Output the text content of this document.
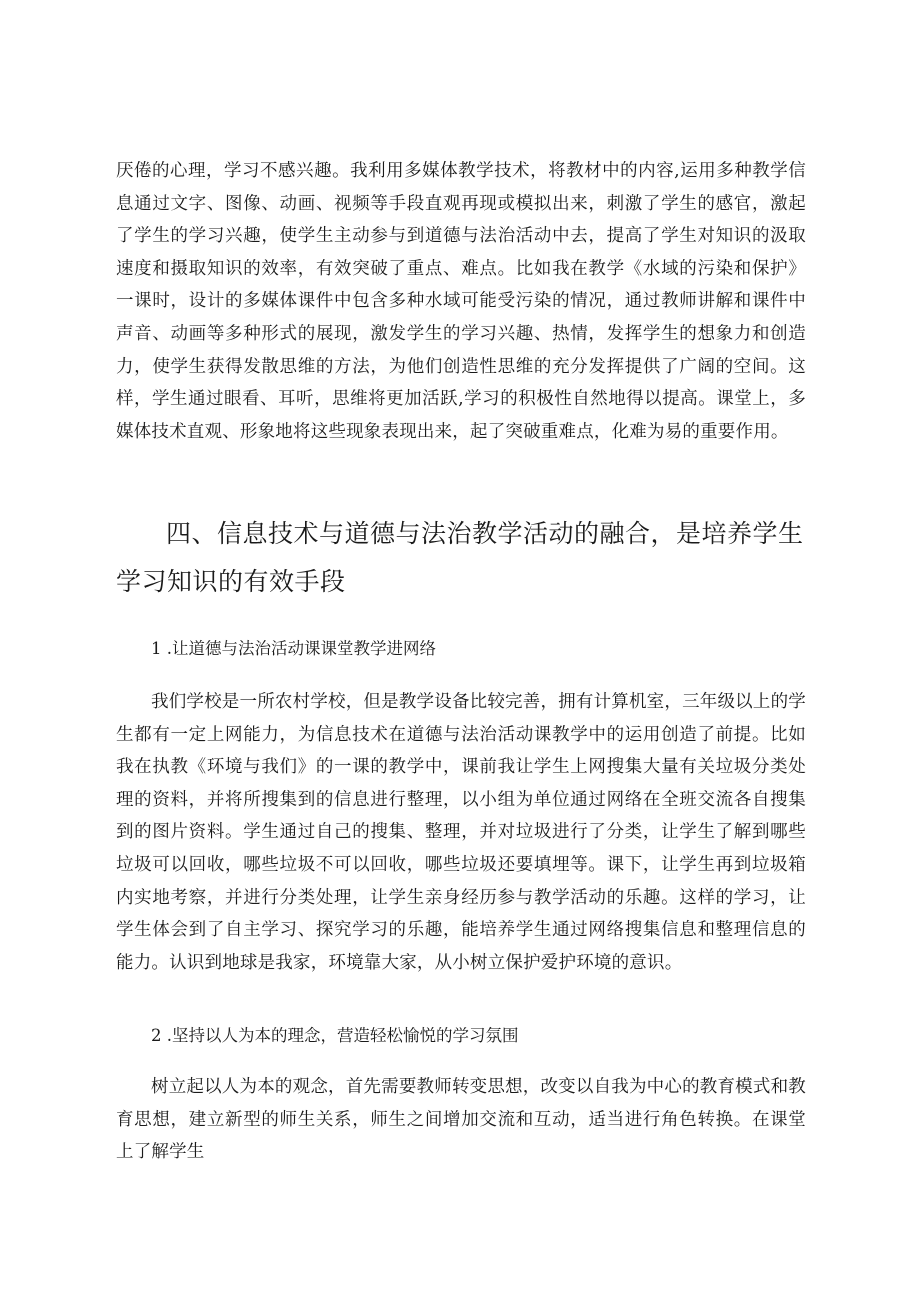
厌倦的心理，学习不感兴趣。我利用多媒体教学技术，将教材中的内容,运用多种教学信息通过文字、图像、动画、视频等手段直观再现或模拟出来，刺激了学生的感官，激起了学生的学习兴趣，使学生主动参与到道德与法治活动中去，提高了学生对知识的汲取速度和摄取知识的效率，有效突破了重点、难点。比如我在教学《水域的污染和保护》一课时，设计的多媒体课件中包含多种水域可能受污染的情况，通过教师讲解和课件中声音、动画等多种形式的展现，激发学生的学习兴趣、热情，发挥学生的想象力和创造力，使学生获得发散思维的方法，为他们创造性思维的充分发挥提供了广阔的空间。这样，学生通过眼看、耳听，思维将更加活跃,学习的积极性自然地得以提高。课堂上，多媒体技术直观、形象地将这些现象表现出来，起了突破重难点，化难为易的重要作用。

四、信息技术与道德与法治教学活动的融合，是培养学生学习知识的有效手段
1 .让道德与法治活动课课堂教学进网络

我们学校是一所农村学校，但是教学设备比较完善，拥有计算机室，三年级以上的学生都有一定上网能力，为信息技术在道德与法治活动课教学中的运用创造了前提。比如我在执教《环境与我们》的一课的教学中，课前我让学生上网搜集大量有关垃圾分类处理的资料，并将所搜集到的信息进行整理，以小组为单位通过网络在全班交流各自搜集到的图片资料。学生通过自己的搜集、整理，并对垃圾进行了分类，让学生了解到哪些垃圾可以回收，哪些垃圾不可以回收，哪些垃圾还要填埋等。课下，让学生再到垃圾箱内实地考察，并进行分类处理，让学生亲身经历参与教学活动的乐趣。这样的学习，让学生体会到了自主学习、探究学习的乐趣，能培养学生通过网络搜集信息和整理信息的能力。认识到地球是我家，环境靠大家，从小树立保护爱护环境的意识。

2 .坚持以人为本的理念，营造轻松愉悦的学习氛围

树立起以人为本的观念，首先需要教师转变思想，改变以自我为中心的教育模式和教育思想，建立新型的师生关系，师生之间增加交流和互动，适当进行角色转换。在课堂上了解学生
